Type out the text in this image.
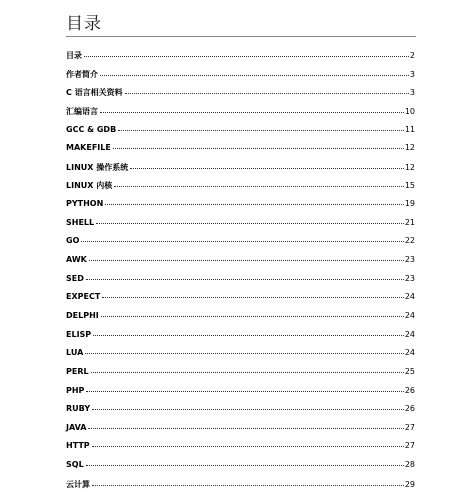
目录
目录	2
作者简介	3
C 语言相关资料	3
汇编语言	10
GCC & GDB	11
MAKEFILE	12
LINUX 操作系统	12
LINUX 内核	15
PYTHON	19
SHELL	21
GO	22
AWK	23
SED	23
EXPECT	24
DELPHI	24
ELISP	24
LUA	24
PERL	25
PHP	26
RUBY	26
JAVA	27
HTTP	27
SQL	28
云计算	29
